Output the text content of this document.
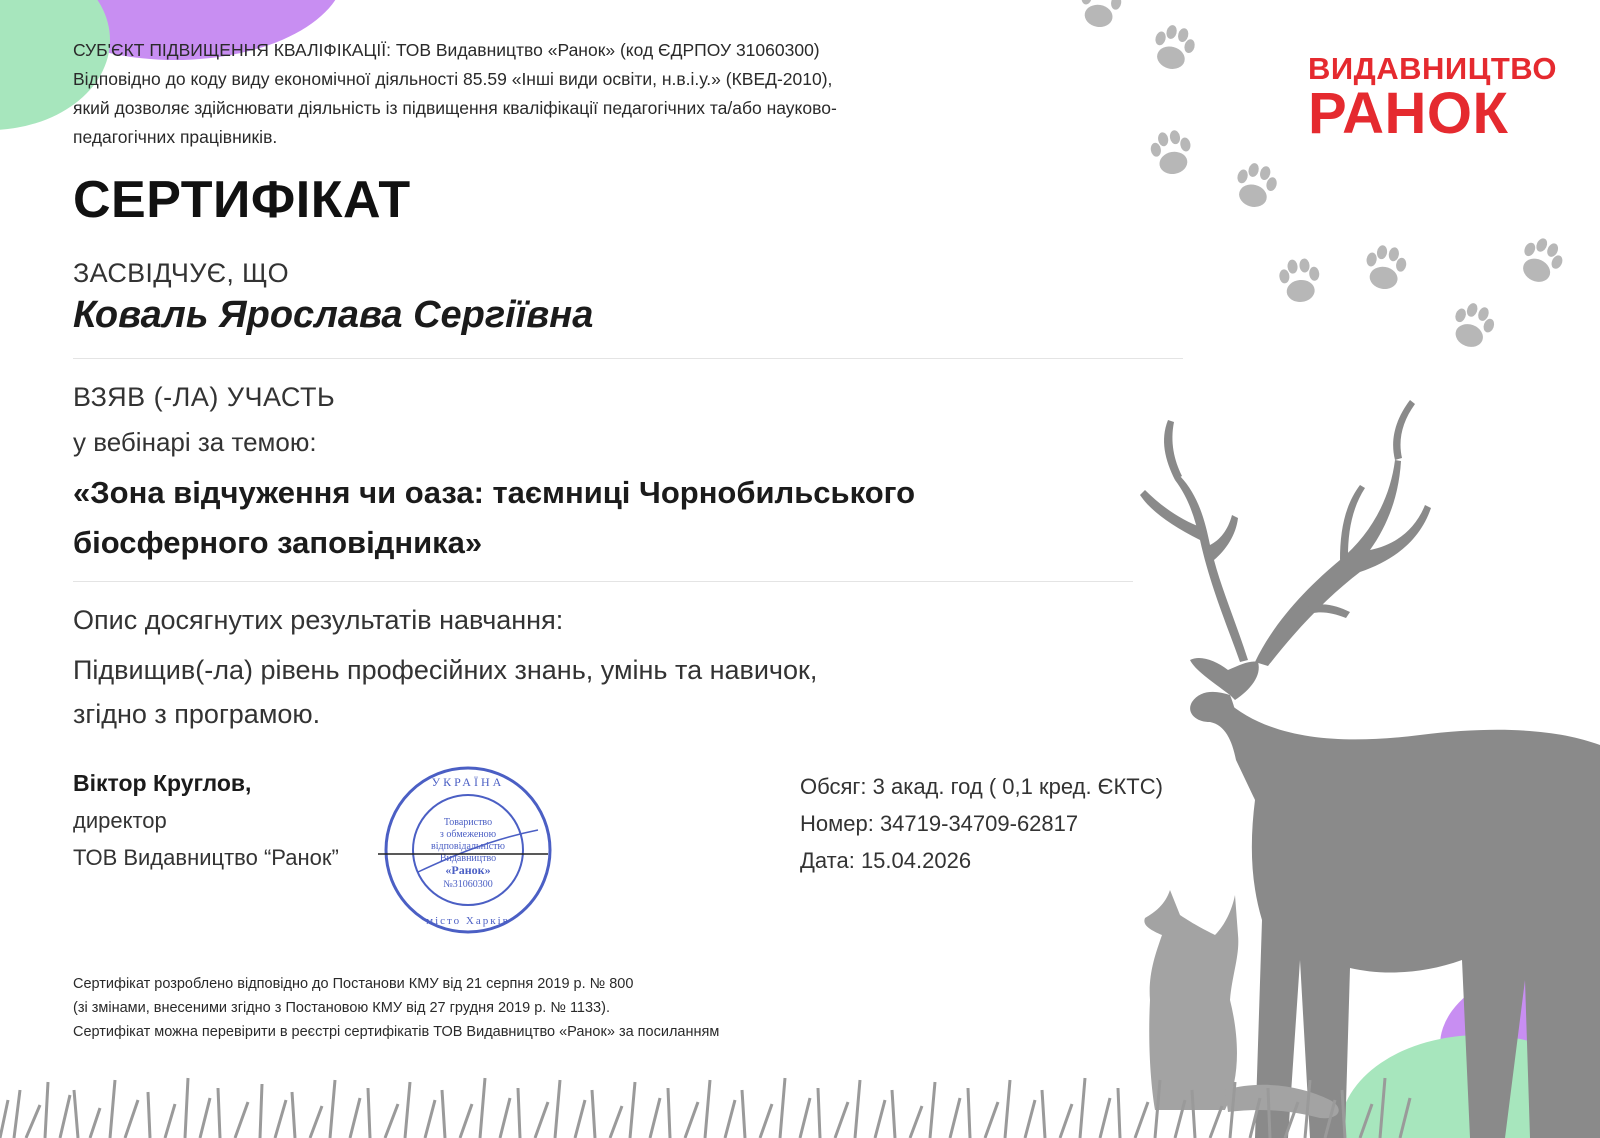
СУБ'ЄКТ ПІДВИЩЕННЯ КВАЛІФІКАЦІЇ: ТОВ Видавництво «Ранок» (код ЄДРПОУ 31060300)
Відповідно до коду виду економічної діяльності 85.59 «Інші види освіти, н.в.і.у.» (КВЕД-2010),
який дозволяє здійснювати діяльність із підвищення кваліфікації педагогічних та/або науково-
педагогічних працівників.
ВИДАВНИЦТВО
РАНОК
СЕРТИФІКАТ
ЗАСВІДЧУЄ, ЩО
Коваль Ярослава Сергіївна
ВЗЯВ (-ЛА) УЧАСТЬ
у вебінарі за темою:
«Зона відчуження чи оаза: таємниці Чорнобильського
біосферного заповідника»
Опис досягнутих результатів навчання:
Підвищив(-ла) рівень професійних знань, умінь та навичок,
згідно з програмою.
Віктор Круглов,
директор
ТОВ Видавництво “Ранок”
УКРАЇНА
Товариство
з обмеженою
відповідальністю
Видавництво
«Ранок»
№31060300
місто Харків
Обсяг: 3 акад. год ( 0,1 кред. ЄКТС)
Номер: 34719-34709-62817
Дата: 15.04.2026
Сертифікат розроблено відповідно до Постанови КМУ від 21 серпня 2019 р. № 800
(зі змінами, внесеними згідно з Постановою КМУ від 27 грудня 2019 р. № 1133).
Сертифікат можна перевірити в реєстрі сертифікатів ТОВ Видавництво «Ранок» за посиланням
